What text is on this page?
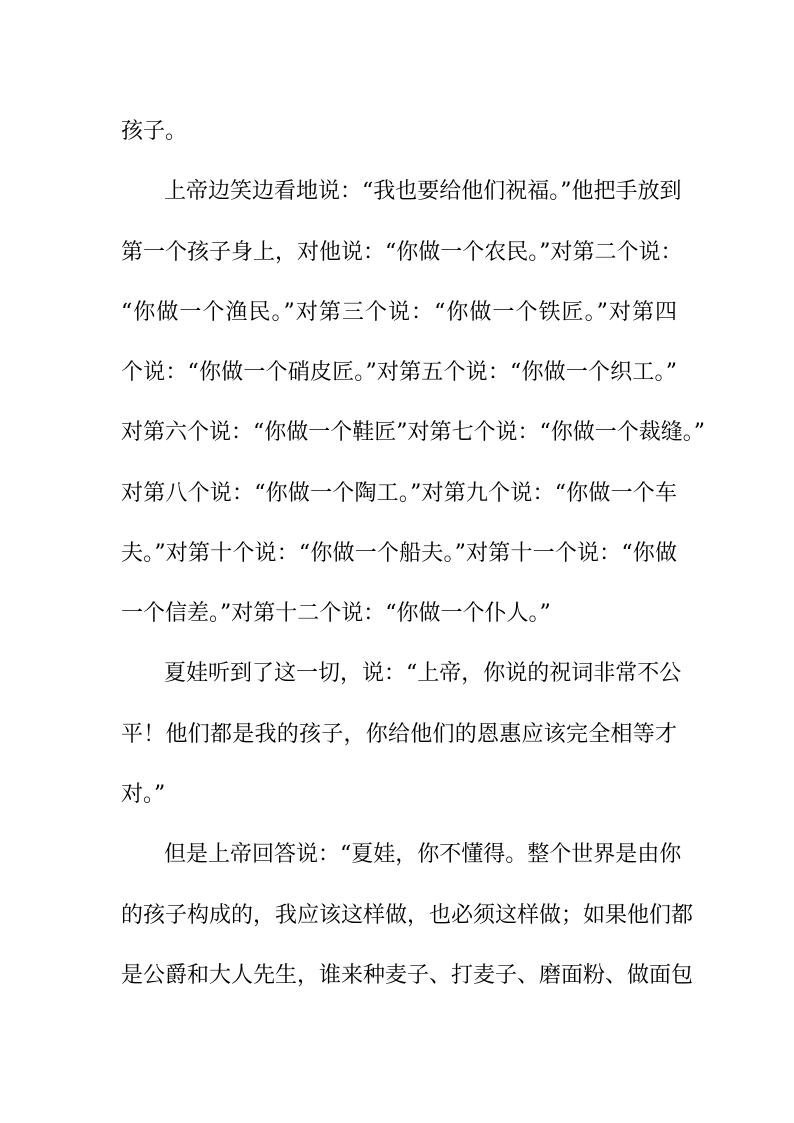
孩子。
上帝边笑边看地说：“我也要给他们祝福。”他把手放到
第一个孩子身上，对他说：“你做一个农民。”对第二个说：
“你做一个渔民。”对第三个说：“你做一个铁匠。”对第四
个说：“你做一个硝皮匠。”对第五个说：“你做一个织工。”
对第六个说：“你做一个鞋匠”对第七个说：“你做一个裁缝。”
对第八个说：“你做一个陶工。”对第九个说：“你做一个车
夫。”对第十个说：“你做一个船夫。”对第十一个说：“你做
一个信差。”对第十二个说：“你做一个仆人。”
夏娃听到了这一切，说：“上帝，你说的祝词非常不公
平！他们都是我的孩子，你给他们的恩惠应该完全相等才
对。”
但是上帝回答说：“夏娃，你不懂得。整个世界是由你
的孩子构成的，我应该这样做，也必须这样做；如果他们都
是公爵和大人先生，谁来种麦子、打麦子、磨面粉、做面包
